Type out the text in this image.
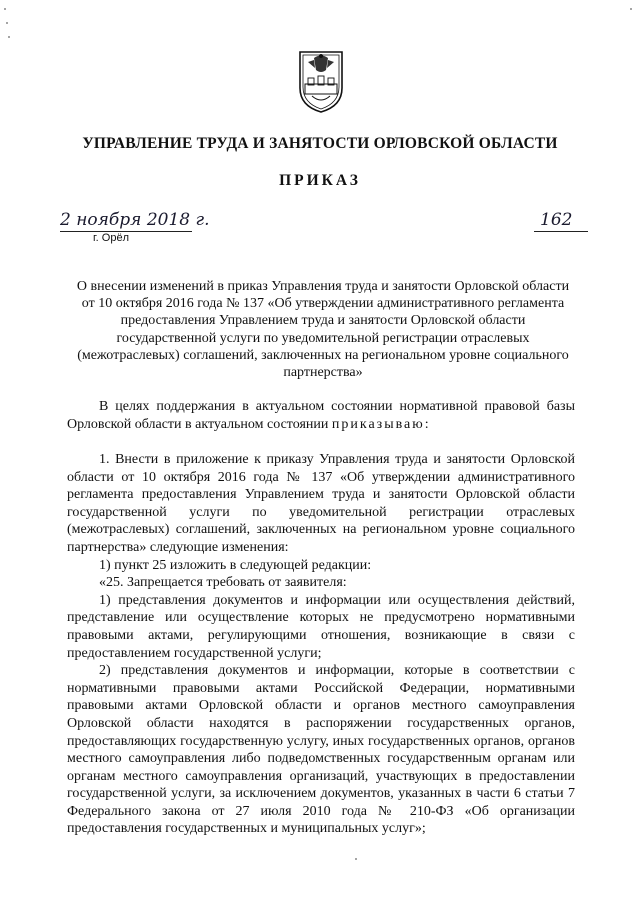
УПРАВЛЕНИЕ ТРУДА И ЗАНЯТОСТИ ОРЛОВСКОЙ ОБЛАСТИ
ПРИКАЗ
2 ноября 2018 г.	162
г. Орёл
О внесении изменений в приказ Управления труда и занятости Орловской области от 10 октября 2016 года № 137 «Об утверждении административного регламента предоставления Управлением труда и занятости Орловской области государственной услуги по уведомительной регистрации отраслевых (межотраслевых) соглашений, заключенных на региональном уровне социального партнерства»

В целях поддержания в актуальном состоянии нормативной правовой базы Орловской области в актуальном состоянии приказываю:

1. Внести в приложение к приказу Управления труда и занятости Орловской области от 10 октября 2016 года № 137 «Об утверждении административного регламента предоставления Управлением труда и занятости Орловской области государственной услуги по уведомительной регистрации отраслевых (межотраслевых) соглашений, заключенных на региональном уровне социального партнерства» следующие изменения:

1) пункт 25 изложить в следующей редакции:

«25. Запрещается требовать от заявителя:

1) представления документов и информации или осуществления действий, представление или осуществление которых не предусмотрено нормативными правовыми актами, регулирующими отношения, возникающие в связи с предоставлением государственной услуги;

2) представления документов и информации, которые в соответствии с нормативными правовыми актами Российской Федерации, нормативными правовыми актами Орловской области и органов местного самоуправления Орловской области находятся в распоряжении государственных органов, предоставляющих государственную услугу, иных государственных органов, органов местного самоуправления либо подведомственных государственным органам или органам местного самоуправления организаций, участвующих в предоставлении государственной услуги, за исключением документов, указанных в части 6 статьи 7 Федерального закона от 27 июля 2010 года № 210-ФЗ «Об организации предоставления государственных и муниципальных услуг»;
